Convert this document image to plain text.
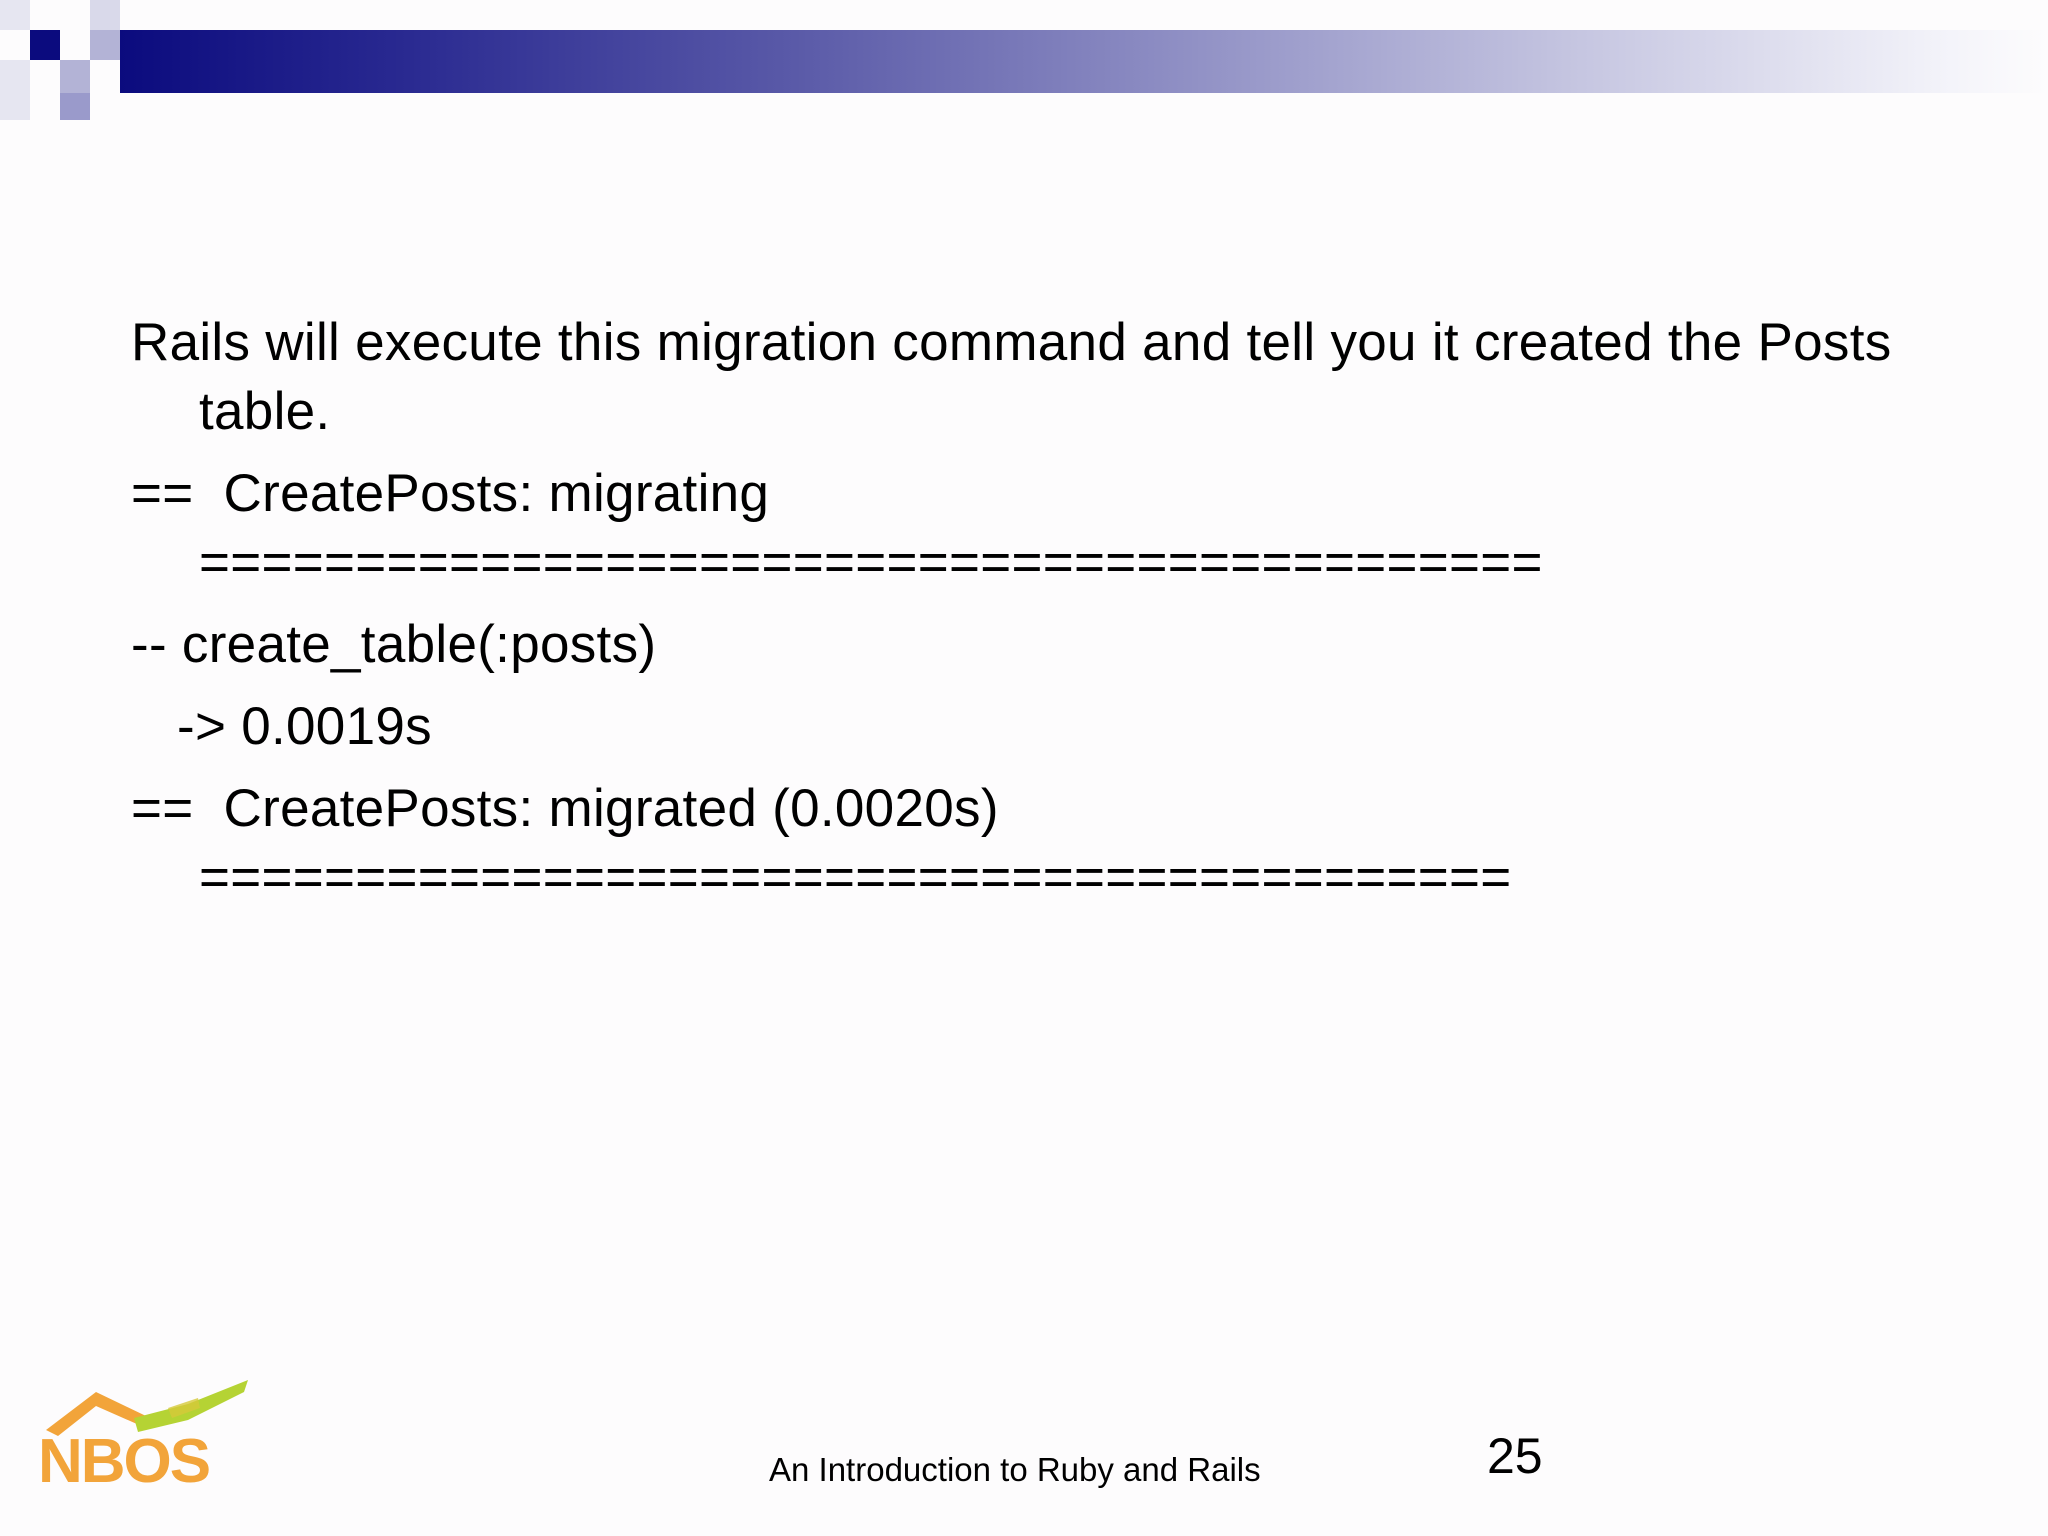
Rails will execute this migration command and tell you it created the Posts table.

==  CreatePosts: migrating ===========================================

-- create_table(:posts)

-> 0.0019s

==  CreatePosts: migrated (0.0020s) ==========================================

NBOS	An Introduction to Ruby and Rails	25
